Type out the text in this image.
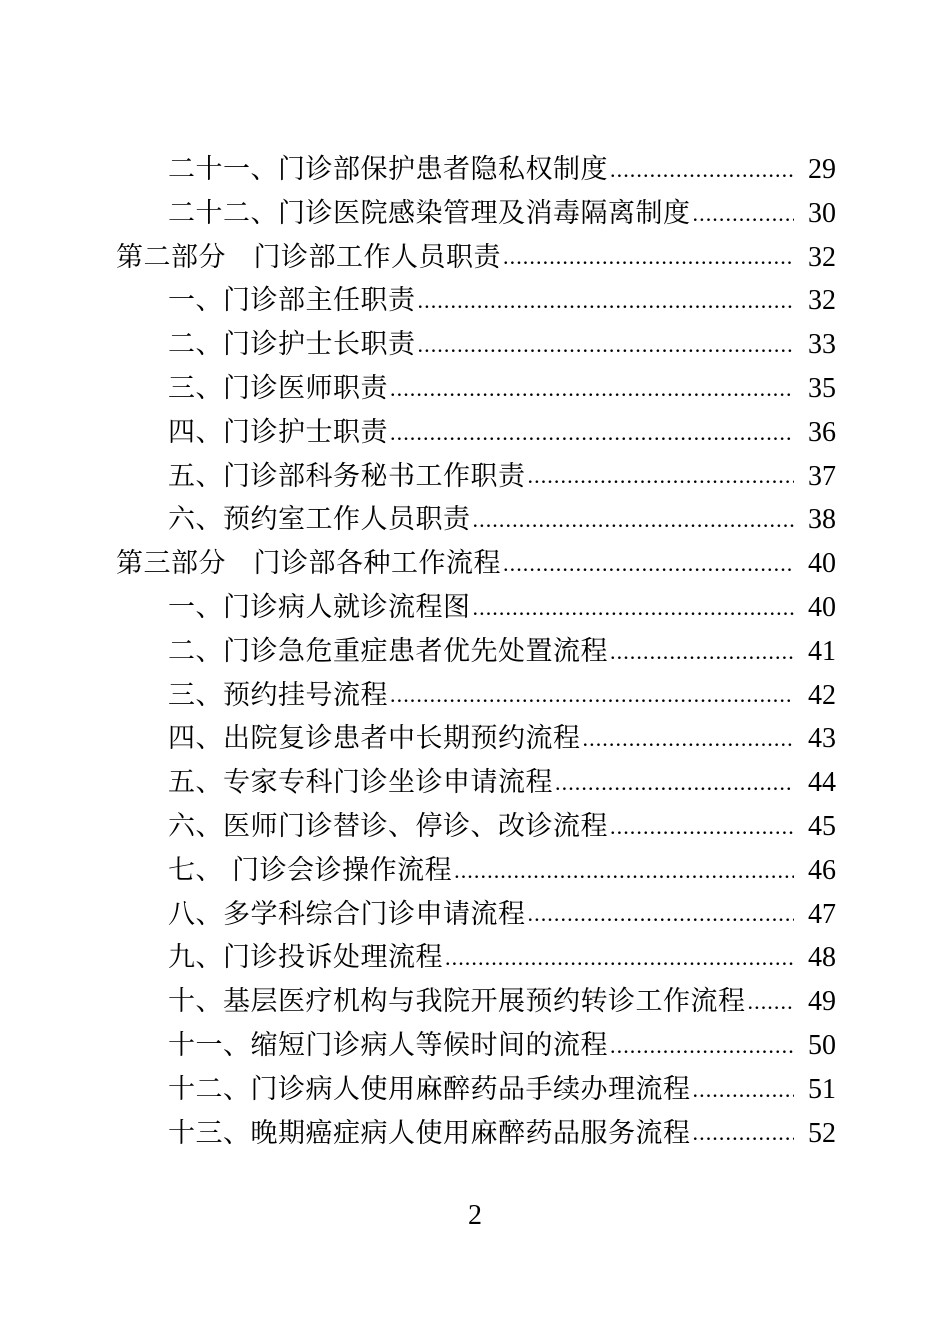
二十一、门诊部保护患者隐私权制度 .....	29
二十二、门诊医院感染管理及消毒隔离制度 .....	30
第二部分　门诊部工作人员职责 .....	32
一、门诊部主任职责 .....	32
二、门诊护士长职责 .....	33
三、门诊医师职责 .....	35
四、门诊护士职责 .....	36
五、门诊部科务秘书工作职责 .....	37
六、预约室工作人员职责 .....	38
第三部分　门诊部各种工作流程 .....	40
一、门诊病人就诊流程图 .....	40
二、门诊急危重症患者优先处置流程 .....	41
三、预约挂号流程 .....	42
四、出院复诊患者中长期预约流程 .....	43
五、专家专科门诊坐诊申请流程 .....	44
六、医师门诊替诊、停诊、改诊流程 .....	45
七、 门诊会诊操作流程 .....	46
八、多学科综合门诊申请流程 .....	47
九、门诊投诉处理流程 .....	48
十、基层医疗机构与我院开展预约转诊工作流程 .....	49
十一、缩短门诊病人等候时间的流程 .....	50
十二、门诊病人使用麻醉药品手续办理流程 .....	51
十三、晚期癌症病人使用麻醉药品服务流程 .....	52
2
